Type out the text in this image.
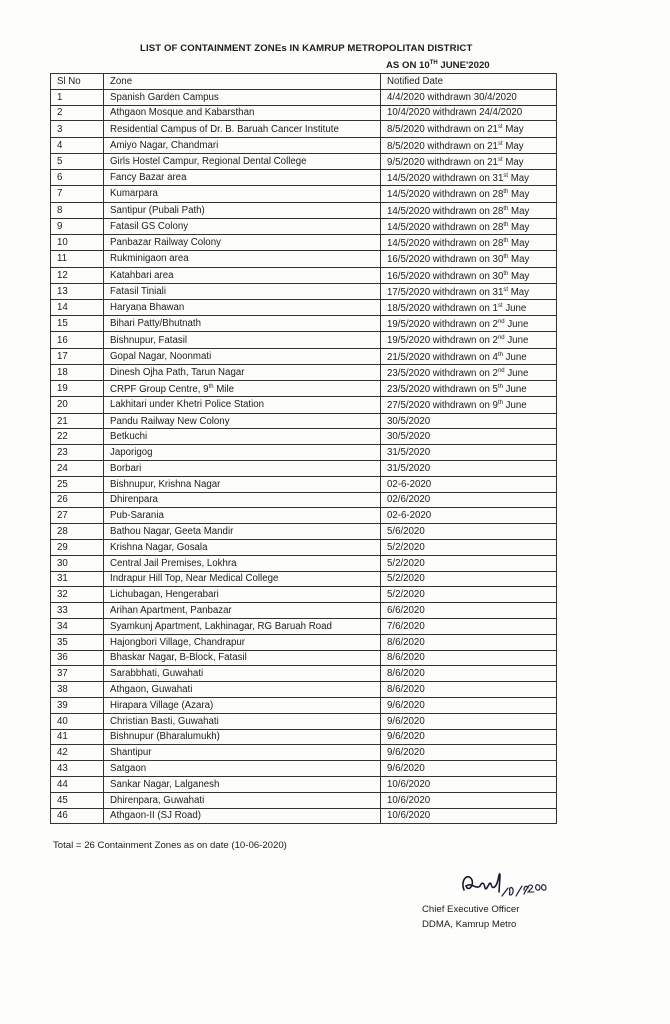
LIST OF CONTAINMENT ZONEs IN KAMRUP METROPOLITAN DISTRICT
AS ON 10TH JUNE'2020
Sl No	Zone	Notified Date
1	Spanish Garden Campus	4/4/2020 withdrawn 30/4/2020
2	Athgaon Mosque and Kabarsthan	10/4/2020 withdrawn 24/4/2020
3	Residential Campus of Dr. B. Baruah Cancer Institute	8/5/2020 withdrawn on 21st May
4	Amiyo Nagar, Chandmari	8/5/2020 withdrawn on 21st May
5	Girls Hostel Campur, Regional Dental College	9/5/2020 withdrawn on 21st May
6	Fancy Bazar area	14/5/2020 withdrawn on 31st May
7	Kumarpara	14/5/2020 withdrawn on 28th May
8	Santipur (Pubali Path)	14/5/2020 withdrawn on 28th May
9	Fatasil GS Colony	14/5/2020 withdrawn on 28th May
10	Panbazar Railway Colony	14/5/2020 withdrawn on 28th May
11	Rukminigaon area	16/5/2020 withdrawn on 30th May
12	Katahbari area	16/5/2020 withdrawn on 30th May
13	Fatasil Tiniali	17/5/2020 withdrawn on 31st May
14	Haryana Bhawan	18/5/2020 withdrawn on 1st June
15	Bihari Patty/Bhutnath	19/5/2020 withdrawn on 2nd June
16	Bishnupur, Fatasil	19/5/2020 withdrawn on 2nd June
17	Gopal Nagar, Noonmati	21/5/2020 withdrawn on 4th June
18	Dinesh Ojha Path, Tarun Nagar	23/5/2020 withdrawn on 2nd June
19	CRPF Group Centre, 9th Mile	23/5/2020 withdrawn on 5th June
20	Lakhitari under Khetri Police Station	27/5/2020 withdrawn on 9th June
21	Pandu Railway New Colony	30/5/2020
22	Betkuchi	30/5/2020
23	Japorigog	31/5/2020
24	Borbari	31/5/2020
25	Bishnupur, Krishna Nagar	02-6-2020
26	Dhirenpara	02/6/2020
27	Pub-Sarania	02-6-2020
28	Bathou Nagar, Geeta Mandir	5/6/2020
29	Krishna Nagar, Gosala	5/2/2020
30	Central Jail Premises, Lokhra	5/2/2020
31	Indrapur Hill Top, Near Medical College	5/2/2020
32	Lichubagan, Hengerabari	5/2/2020
33	Arihan Apartment, Panbazar	6/6/2020
34	Syamkunj Apartment, Lakhinagar, RG Baruah Road	7/6/2020
35	Hajongbori Village, Chandrapur	8/6/2020
36	Bhaskar Nagar, B-Block, Fatasil	8/6/2020
37	Sarabbhati, Guwahati	8/6/2020
38	Athgaon, Guwahati	8/6/2020
39	Hirapara Village (Azara)	9/6/2020
40	Christian Basti, Guwahati	9/6/2020
41	Bishnupur (Bharalumukh)	9/6/2020
42	Shantipur	9/6/2020
43	Satgaon	9/6/2020
44	Sankar Nagar, Lalganesh	10/6/2020
45	Dhirenpara, Guwahati	10/6/2020
46	Athgaon-II (SJ Road)	10/6/2020
Total = 26 Containment Zones as on date (10-06-2020)
Chief Executive Officer
DDMA, Kamrup Metro
